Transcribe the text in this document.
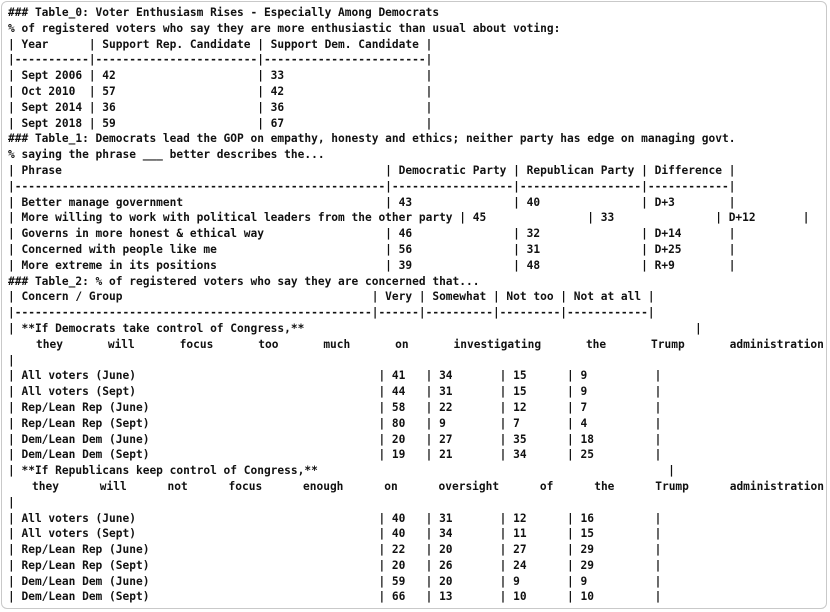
### Table_0: Voter Enthusiasm Rises - Especially Among Democrats
% of registered voters who say they are more enthusiastic than usual about voting:
| Year      | Support Rep. Candidate | Support Dem. Candidate |
|-----------|------------------------|------------------------|
| Sept 2006 | 42                     | 33                     |
| Oct 2010  | 57                     | 42                     |
| Sept 2014 | 36                     | 36                     |
| Sept 2018 | 59                     | 67                     |
### Table_1: Democrats lead the GOP on empathy, honesty and ethics; neither party has edge on managing govt.
% saying the phrase ___ better describes the...
| Phrase                                                | Democratic Party | Republican Party | Difference |
|-------------------------------------------------------|------------------|------------------|------------|
| Better manage government                              | 43               | 40               | D+3        |
| More willing to work with political leaders from the other party | 45               | 33               | D+12       |
| Governs in more honest & ethical way                  | 46               | 32               | D+14       |
| Concerned with people like me                         | 56               | 31               | D+25       |
| More extreme in its positions                         | 39               | 48               | R+9        |
### Table_2: % of registered voters who say they are concerned that...
| Concern / Group                                     | Very | Somewhat | Not too | Not at all |
|-----------------------------------------------------|------|----------|---------|------------|
| **If Democrats take control of Congress,**                                                          |
they	will	focus	too	much	on	investigating	the	Trump	administration
|
| All voters (June)                                    | 41   | 34       | 15      | 9          |
| All voters (Sept)                                    | 44   | 31       | 15      | 9          |
| Rep/Lean Rep (June)                                  | 58   | 22       | 12      | 7          |
| Rep/Lean Rep (Sept)                                  | 80   | 9        | 7       | 4          |
| Dem/Lean Dem (June)                                  | 20   | 27       | 35      | 18         |
| Dem/Lean Dem (Sept)                                  | 19   | 21       | 34      | 25         |
| **If Republicans keep control of Congress,**                                                    |
they	will	not	focus	enough	on	oversight	of	the	Trump	administration
|
| All voters (June)                                    | 40   | 31       | 12      | 16         |
| All voters (Sept)                                    | 40   | 34       | 11      | 15         |
| Rep/Lean Rep (June)                                  | 22   | 20       | 27      | 29         |
| Rep/Lean Rep (Sept)                                  | 20   | 26       | 24      | 29         |
| Dem/Lean Dem (June)                                  | 59   | 20       | 9       | 9          |
| Dem/Lean Dem (Sept)                                  | 66   | 13       | 10      | 10         |
